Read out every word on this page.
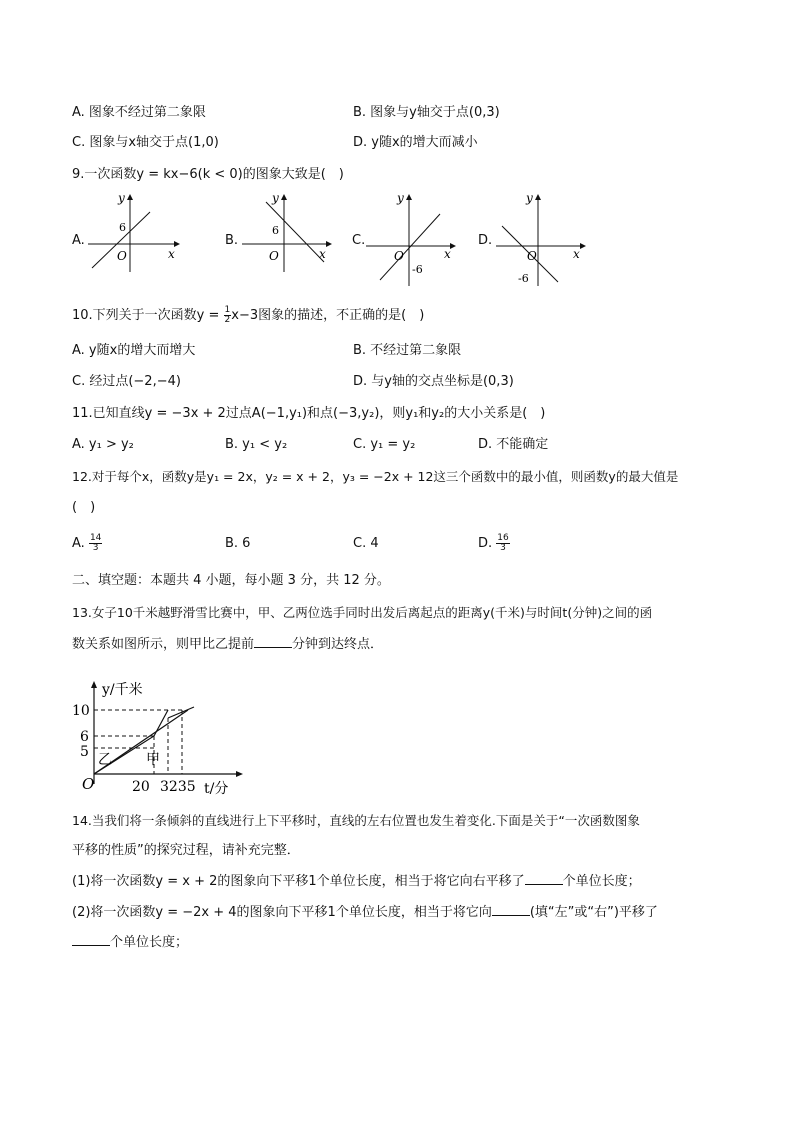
A. 图象不经过第二象限	B. 图象与y轴交于点(0,3)
C. 图象与x轴交于点(1,0)	D. y随x的增大而减小
9.一次函数y = kx−6(k < 0)的图象大致是(　)
A.
y
x
O
6
B.
y
x
O
6
C.
y
x
O
-6
D.
y
x
O
-6
10.下列关于一次函数$y = \frac{1}{2} x-3$图象的描述，不正确的是(　)
A. y随x的增大而增大	B. 不经过第二象限
C. 经过点(−2,−4)	D. 与y轴的交点坐标是(0,3)
11.已知直线y = −3x + 2过点A(−1,y₁)和点(−3,y₂)，则y₁和y₂的大小关系是(　)
A. y₁ > y₂	B. y₁ < y₂	C. y₁ = y₂	D. 不能确定
12.对于每个x，函数y是y₁ = 2x，y₂ = x + 2，y₃ = −2x + 12这三个函数中的最小值，则函数y的最大值是
(　)
A. $\frac{14}{3}$	B. 6	C. 4	D. $\frac{16}{3}$
二、填空题：本题共 4 小题，每小题 3 分，共 12 分。
13.女子10千米越野滑雪比赛中，甲、乙两位选手同时出发后离起点的距离y(千米)与时间t(分钟)之间的函
数关系如图所示，则甲比乙提前	分钟到达终点．
y/千米
t/分
10
6
5
20 3235
O
乙 甲
14.当我们将一条倾斜的直线进行上下平移时，直线的左右位置也发生着变化.下面是关于“一次函数图象
平移的性质”的探究过程，请补充完整．
(1)将一次函数y = x + 2的图象向下平移1个单位长度，相当于将它向右平移了	个单位长度；
(2)将一次函数y = −2x + 4的图象向下平移1个单位长度，相当于将它向	(填“左”或“右”)平移了
个单位长度；
